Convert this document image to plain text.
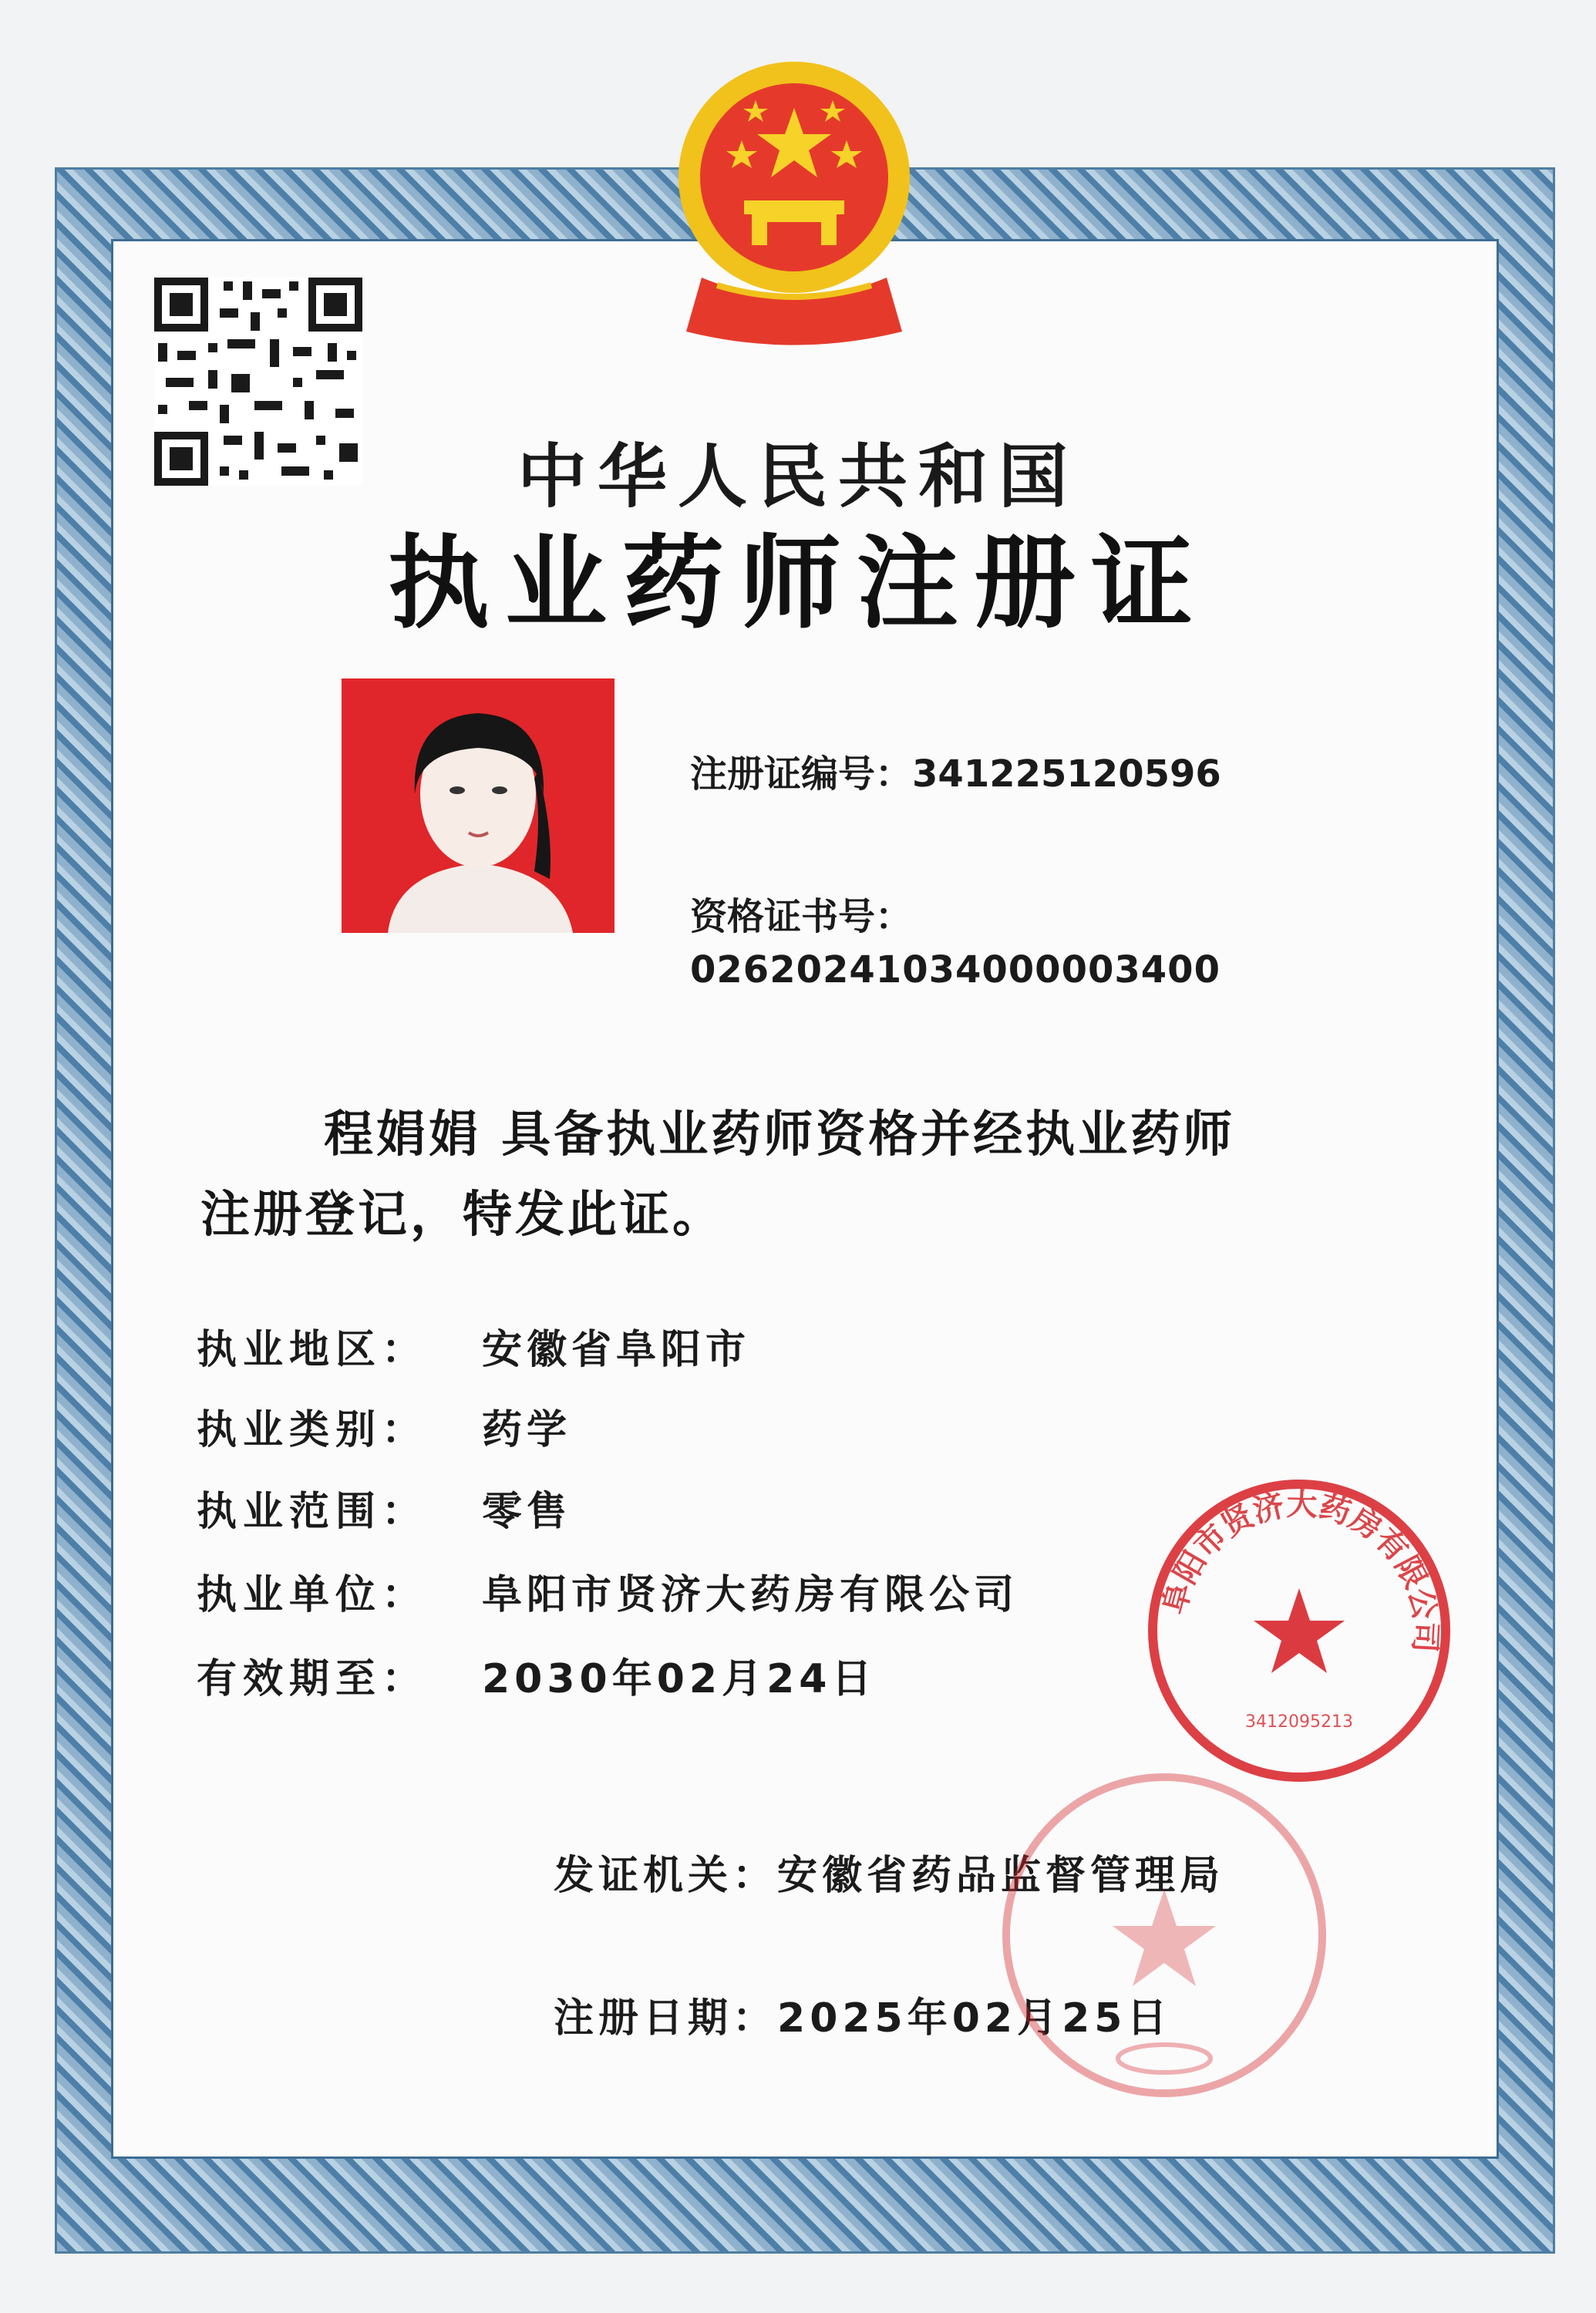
中华人民共和国
执业药师注册证
注册证编号：341225120596
资格证书号：
02620241034000003400
程娟娟 具备执业药师资格并经执业药师
注册登记，特发此证。
执业地区： 安徽省阜阳市
执业类别： 药学
执业范围： 零售
执业单位： 阜阳市贤济大药房有限公司
有效期至： 2030年02月24日
发证机关：安徽省药品监督管理局
注册日期：2025年02月25日
阜阳市贤济大药房有限公司
3412095213
